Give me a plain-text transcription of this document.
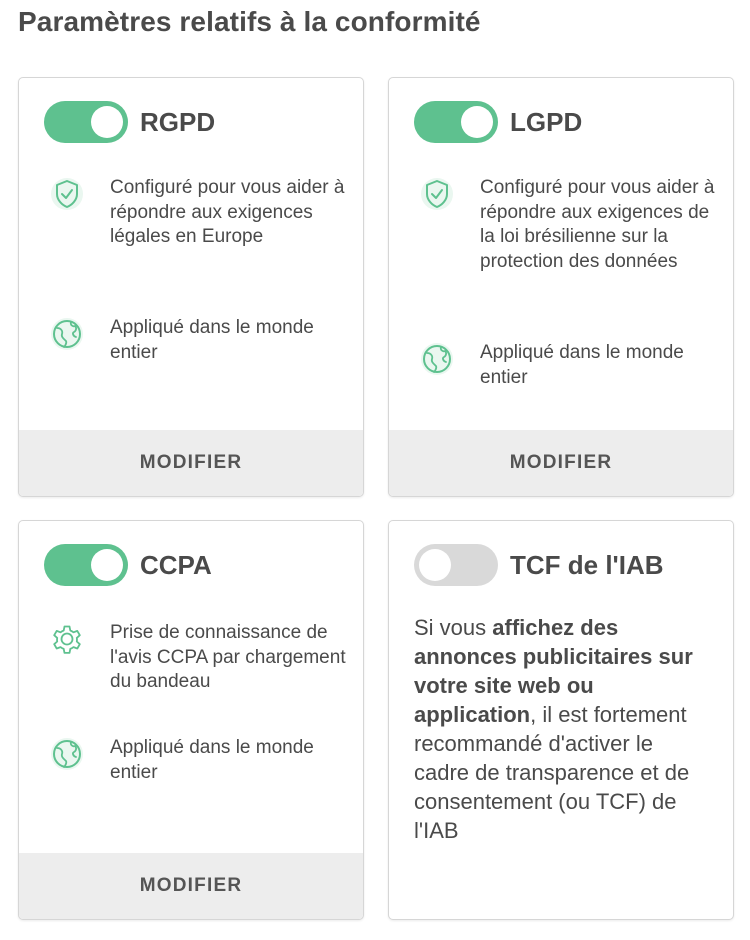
Paramètres relatifs à la conformité
RGPD
Configuré pour vous aider à répondre aux exigences légales en Europe
Appliqué dans le monde entier
MODIFIER
LGPD
Configuré pour vous aider à répondre aux exigences de la loi brésilienne sur la protection des données
Appliqué dans le monde entier
MODIFIER
CCPA
Prise de connaissance de l'avis CCPA par chargement du bandeau
Appliqué dans le monde entier
MODIFIER
TCF de l'IAB
Si vous affichez des annonces publicitaires sur votre site web ou application, il est fortement recommandé d'activer le cadre de transparence et de consentement (ou TCF) de l'IAB
